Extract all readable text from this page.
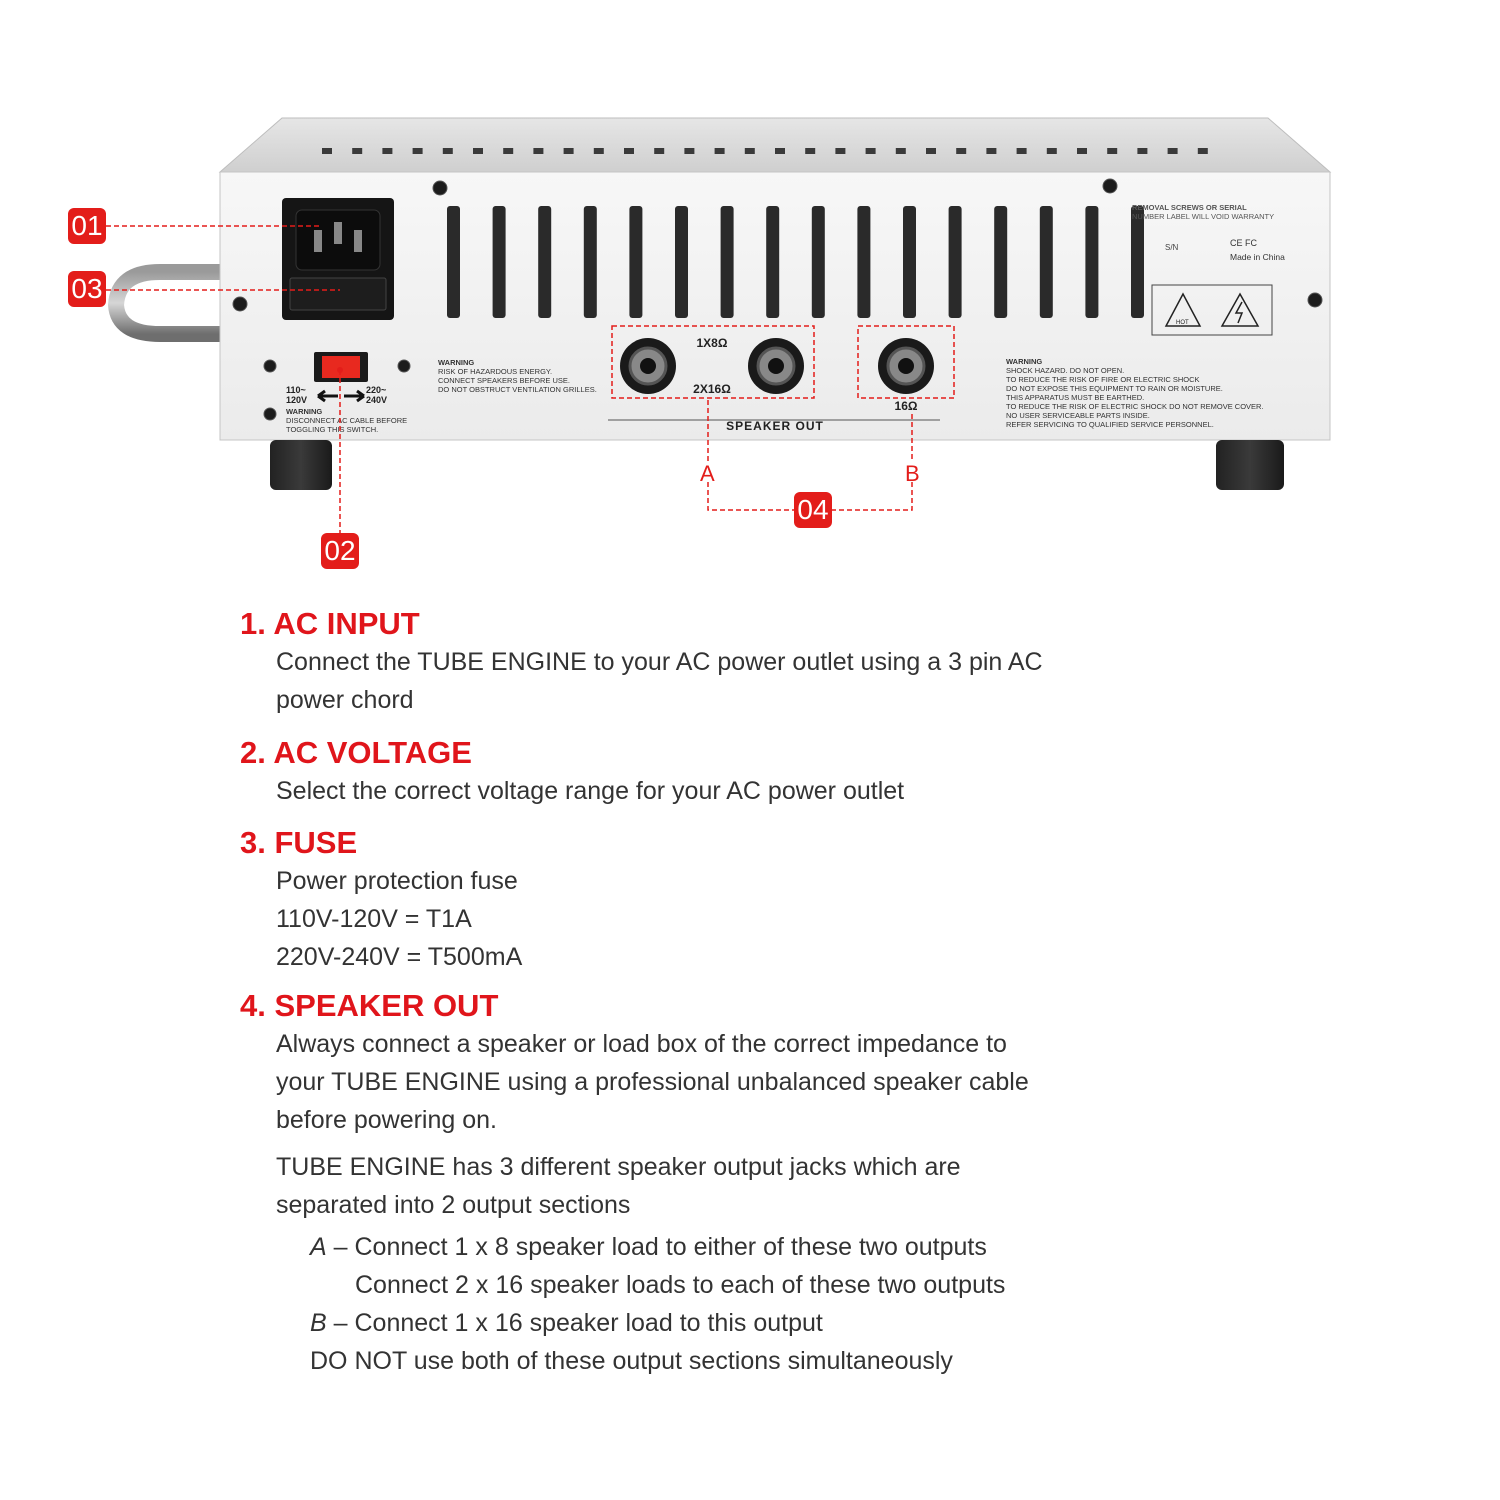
110~ 120V
220~ 240V
WARNING
DISCONNECT AC CABLE BEFORE
TOGGLING THIS SWITCH.
WARNING
RISK OF HAZARDOUS ENERGY.
CONNECT SPEAKERS BEFORE USE.
DO NOT OBSTRUCT VENTILATION GRILLES.
WARNING
SHOCK HAZARD. DO NOT OPEN.
TO REDUCE THE RISK OF FIRE OR ELECTRIC SHOCK
DO NOT EXPOSE THIS EQUIPMENT TO RAIN OR MOISTURE.
THIS APPARATUS MUST BE EARTHED.
TO REDUCE THE RISK OF ELECTRIC SHOCK DO NOT REMOVE COVER.
NO USER SERVICEABLE PARTS INSIDE.
REFER SERVICING TO QUALIFIED SERVICE PERSONNEL.
REMOVAL SCREWS OR SERIAL
NUMBER LABEL WILL VOID WARRANTY
S/N	CE FC
Made in China
HOT
1X8Ω
2X16Ω
16Ω
SPEAKER OUT
01
03
02
04
A	B
1. AC INPUT

Connect the TUBE ENGINE to your AC power outlet using a 3 pin AC

power chord

2. AC VOLTAGE

Select the correct voltage range for your AC power outlet

3. FUSE

Power protection fuse

110V-120V = T1A

220V-240V = T500mA

4. SPEAKER OUT

Always connect a speaker or load box of the correct impedance to

your TUBE ENGINE using a professional unbalanced speaker cable

before powering on.

TUBE ENGINE has 3 different speaker output jacks which are

separated into 2 output sections

A – Connect 1 x 8 speaker load to either of these two outputs

Connect 2 x 16 speaker loads to each of these two outputs

B – Connect 1 x 16 speaker load to this output

DO NOT use both of these output sections simultaneously
